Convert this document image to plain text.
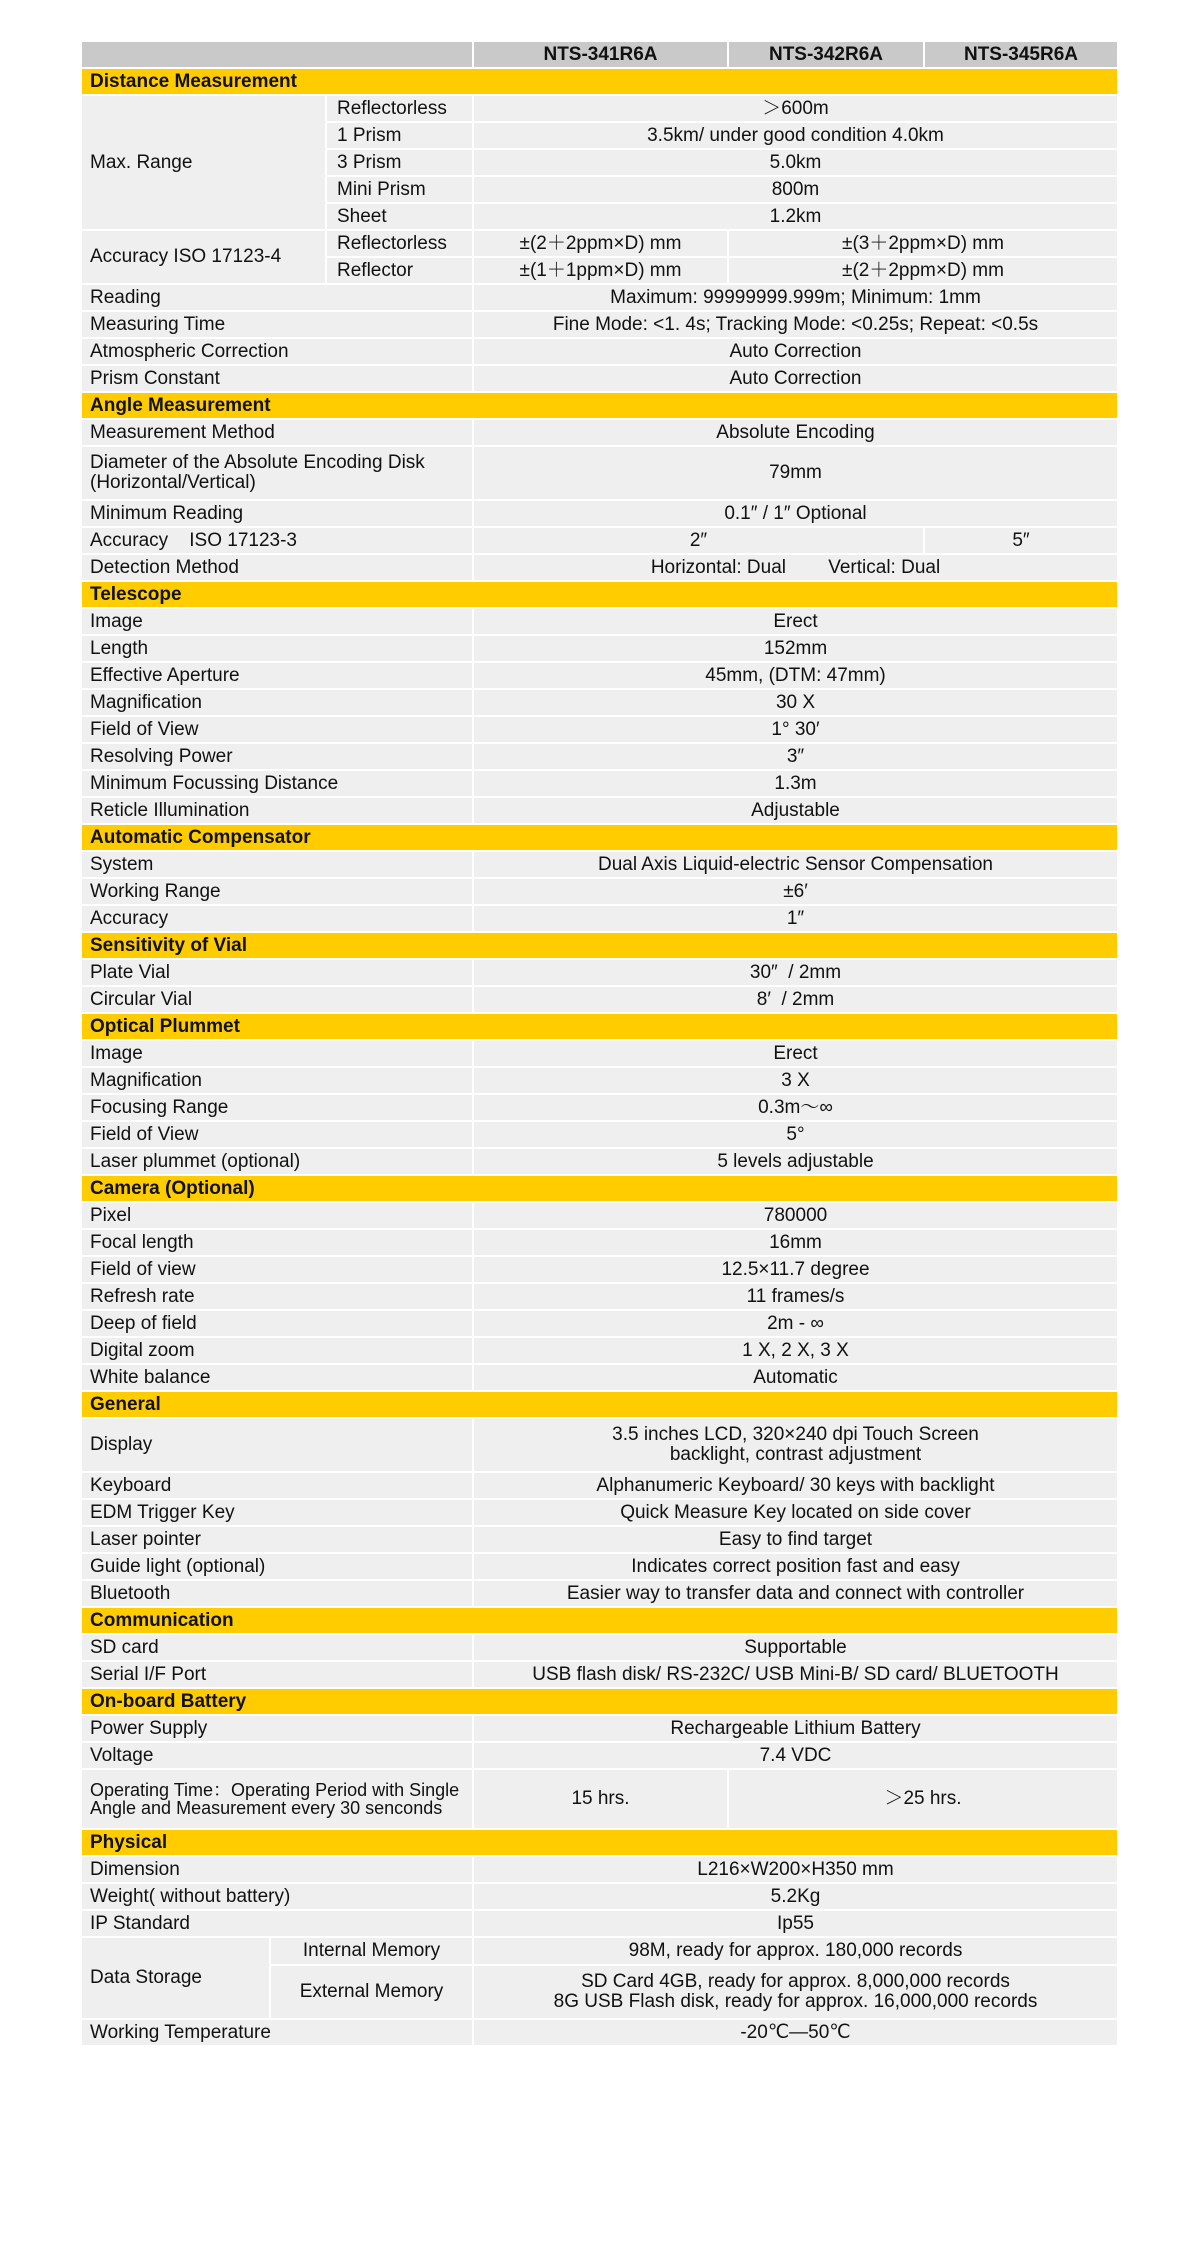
			NTS-341R6A	NTS-342R6A	NTS-345R6A
Distance Measurement					
Max. Range		Reflectorless	＞600m		
		1 Prism	3.5km/ under good condition 4.0km		
		3 Prism	5.0km		
		Mini Prism	800m		
		Sheet	1.2km		
Accuracy ISO 17123-4		Reflectorless	±(2＋2ppm×D) mm	±(3＋2ppm×D) mm	
		Reflector	±(1＋1ppm×D) mm	±(2＋2ppm×D) mm	
Reading			Maximum: 99999999.999m; Minimum: 1mm		
Measuring Time			Fine Mode: <1. 4s; Tracking Mode: <0.25s; Repeat: <0.5s		
Atmospheric Correction			Auto Correction		
Prism Constant			Auto Correction		
Angle Measurement					
Measurement Method			Absolute Encoding		
Diameter of the Absolute Encoding Disk (Horizontal/Vertical)			79mm		
Minimum Reading			0.1″ / 1″ Optional		
Accuracy    ISO 17123-3			2″		5″
Detection Method			Horizontal: Dual        Vertical: Dual		
Telescope					
Image			Erect		
Length			152mm		
Effective Aperture			45mm, (DTM: 47mm)		
Magnification			30 X		
Field of View			1° 30′		
Resolving Power			3″		
Minimum Focussing Distance			1.3m		
Reticle Illumination			Adjustable		
Automatic Compensator					
System			Dual Axis Liquid-electric Sensor Compensation		
Working Range			±6′		
Accuracy			1″		
Sensitivity of Vial					
Plate Vial			30″  / 2mm		
Circular Vial			8′  / 2mm		
Optical Plummet					
Image			Erect		
Magnification			3 X		
Focusing Range			0.3m～∞		
Field of View			5°		
Laser plummet (optional)			5 levels adjustable		
Camera (Optional)					
Pixel			780000		
Focal length			16mm		
Field of view			12.5×11.7 degree		
Refresh rate			11 frames/s		
Deep of field			2m - ∞		
Digital zoom			1 X, 2 X, 3 X		
White balance			Automatic		
General					
Display			3.5 inches LCD, 320×240 dpi Touch Screen
backlight, contrast adjustment		

Keyboard			Alphanumeric Keyboard/ 30 keys with backlight		
EDM Trigger Key			Quick Measure Key located on side cover		
Laser pointer			Easy to find target		
Guide light (optional)			Indicates correct position fast and easy		
Bluetooth			Easier way to transfer data and connect with controller		
Communication					
SD card			Supportable		
Serial I/F Port			USB flash disk/ RS-232C/ USB Mini-B/ SD card/ BLUETOOTH		
On-board Battery					
Power Supply			Rechargeable Lithium Battery		
Voltage			7.4 VDC		
Operating Time：Operating Period with Single Angle and Measurement every 30 senconds			15 hrs.	＞25 hrs.	
Physical					
Dimension			L216×W200×H350 mm		
Weight( without battery)			5.2Kg		
IP Standard			Ip55		
Data Storage	Internal Memory		98M, ready for approx. 180,000 records		
	External Memory		SD Card 4GB, ready for approx. 8,000,000 records
8G USB Flash disk, ready for approx. 16,000,000 records		

Working Temperature			-20℃—50℃		
